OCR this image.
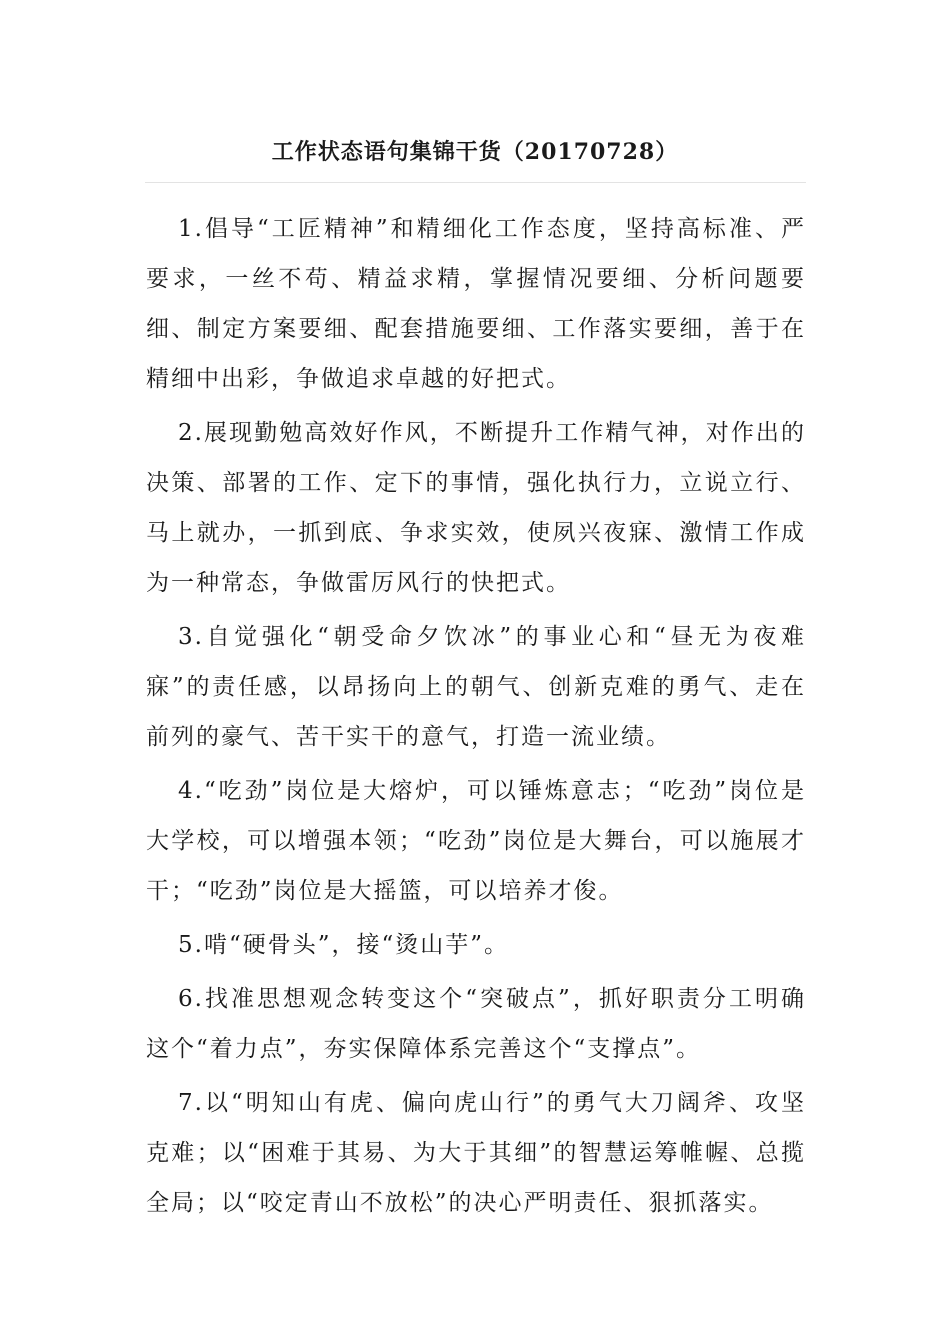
工作状态语句集锦干货（20170728）

1.倡导“工匠精神”和精细化工作态度，坚持高标准、严要求，一丝不苟、精益求精，掌握情况要细、分析问题要细、制定方案要细、配套措施要细、工作落实要细，善于在精细中出彩，争做追求卓越的好把式。

2.展现勤勉高效好作风，不断提升工作精气神，对作出的决策、部署的工作、定下的事情，强化执行力，立说立行、马上就办，一抓到底、争求实效，使夙兴夜寐、激情工作成为一种常态，争做雷厉风行的快把式。

3.自觉强化“朝受命夕饮冰”的事业心和“昼无为夜难寐”的责任感，以昂扬向上的朝气、创新克难的勇气、走在前列的豪气、苦干实干的意气，打造一流业绩。

4.“吃劲”岗位是大熔炉，可以锤炼意志；“吃劲”岗位是大学校，可以增强本领；“吃劲”岗位是大舞台，可以施展才干；“吃劲”岗位是大摇篮，可以培养才俊。

5.啃“硬骨头”，接“烫山芋”。

6.找准思想观念转变这个“突破点”，抓好职责分工明确这个“着力点”，夯实保障体系完善这个“支撑点”。

7.以“明知山有虎、偏向虎山行”的勇气大刀阔斧、攻坚克难；以“困难于其易、为大于其细”的智慧运筹帷幄、总揽全局；以“咬定青山不放松”的决心严明责任、狠抓落实。
